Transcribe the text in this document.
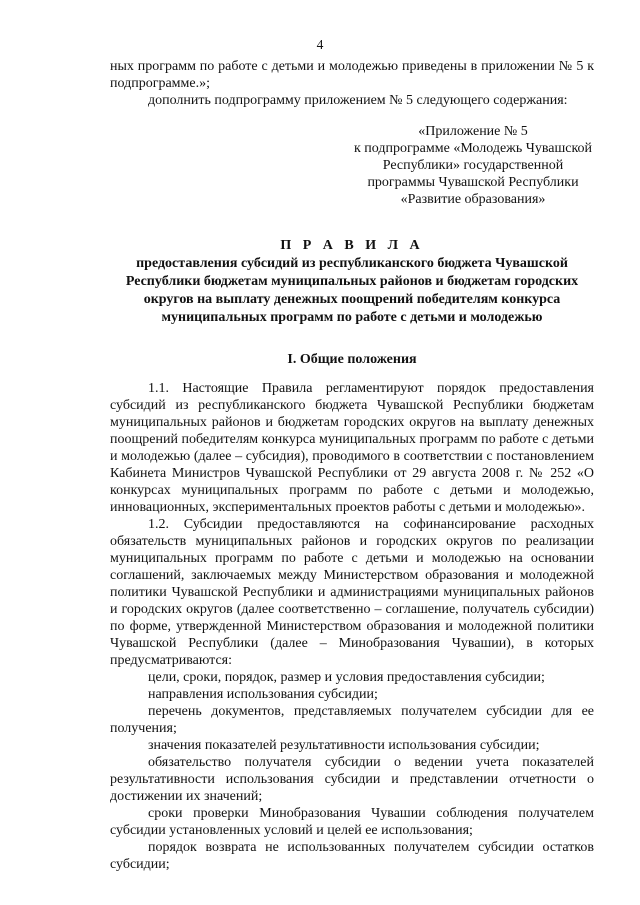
4

ных программ по работе с детьми и молодежью приведены в приложении № 5 к подпрограмме.»;

дополнить подпрограмму приложением № 5 следующего содержания:

«Приложение № 5
к подпрограмме «Молодежь Чувашской
Республики» государственной
программы Чувашской Республики
«Развитие образования»
П Р А В И Л А
предоставления субсидий из республиканского бюджета Чувашской
Республики бюджетам муниципальных районов и бюджетам городских
округов на выплату денежных поощрений победителям конкурса
муниципальных программ по работе с детьми и молодежью
I. Общие положения

1.1. Настоящие Правила регламентируют порядок предоставления субсидий из республиканского бюджета Чувашской Республики бюджетам муниципальных районов и бюджетам городских округов на выплату денежных поощрений победителям конкурса муниципальных программ по работе с детьми и молодежью (далее – субсидия), проводимого в соответствии с постановлением Кабинета Министров Чувашской Республики от 29 августа 2008 г. № 252 «О конкурсах муниципальных программ по работе с детьми и молодежью, инновационных, экспериментальных проектов работы с детьми и молодежью».

1.2. Субсидии предоставляются на софинансирование расходных обязательств муниципальных районов и городских округов по реализации муниципальных программ по работе с детьми и молодежью на основании соглашений, заключаемых между Министерством образования и молодежной политики Чувашской Республики и администрациями муниципальных районов и городских округов (далее соответственно – соглашение, получатель субсидии) по форме, утвержденной Министерством образования и молодежной политики Чувашской Республики (далее – Минобразования Чувашии), в которых предусматриваются:

цели, сроки, порядок, размер и условия предоставления субсидии;

направления использования субсидии;

перечень документов, представляемых получателем субсидии для ее получения;

значения показателей результативности использования субсидии;

обязательство получателя субсидии о ведении учета показателей результативности использования субсидии и представлении отчетности о достижении их значений;

сроки проверки Минобразования Чувашии соблюдения получателем субсидии установленных условий и целей ее использования;

порядок возврата не использованных получателем субсидии остатков субсидии;
